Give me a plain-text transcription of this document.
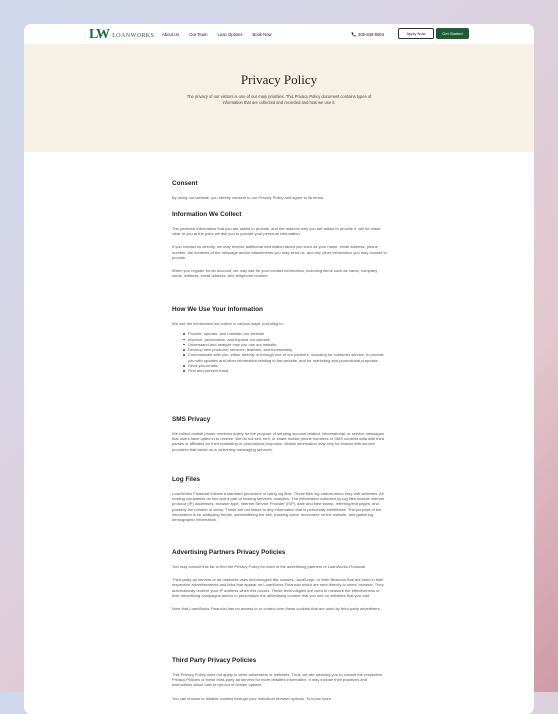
LW LOANWORKS About Us Our Team Loan Options Book Now	305-848-6804	Apply Now	Get Started
Privacy Policy

The privacy of our visitors is one of our main priorities. This Privacy Policy document contains types of information that are collected and recorded and how we use it.

Consent

By using our website, you hereby consent to our Privacy Policy and agree to its terms.

Information We Collect

The personal information that you are asked to provide, and the reasons why you are asked to provide it, will be made clear to you at the point we ask you to provide your personal information.

If you contact us directly, we may receive additional information about you such as your name, email address, phone number, the contents of the message and/or attachments you may send us, and any other information you may choose to provide.

When you register for an Account, we may ask for your contact information, including items such as name, company name, address, email address, and telephone number.

How We Use Your Information

We use the information we collect in various ways, including to:

Provide, operate, and maintain our website
Improve, personalize, and expand our website
Understand and analyze how you use our website
Develop new products, services, features, and functionality
Communicate with you, either directly or through one of our partners, including for customer service, to provide you with updates and other information relating to the website, and for marketing and promotional purposes
Send you emails
Find and prevent fraud
SMS Privacy

We collect mobile phone numbers solely for the purpose of sending account-related, informational, or service messages that users have opted in to receive. We do not sell, rent, or share mobile phone numbers or SMS consent data with third parties or affiliates for their marketing or promotional purposes. Mobile information may only be shared with service providers that assist us in delivering messaging services.

Log Files

LoanWorks Financial follows a standard procedure of using log files. These files log visitors when they visit websites. All hosting companies do this and a part of hosting services' analytics. The information collected by log files include internet protocol (IP) addresses, browser type, Internet Service Provider (ISP), date and time stamp, referring/exit pages, and possibly the number of clicks. These are not linked to any information that is personally identifiable. The purpose of the information is for analyzing trends, administering the site, tracking users' movement on the website, and gathering demographic information.

Advertising Partners Privacy Policies

You may consult this list to find the Privacy Policy for each of the advertising partners of LoanWorks Financial.

Third-party ad servers or ad networks uses technologies like cookies, JavaScript, or Web Beacons that are used in their respective advertisements and links that appear on LoanWorks Financial which are sent directly to users' browser. They automatically receive your IP address when this occurs. These technologies are used to measure the effectiveness of their advertising campaigns and/or to personalize the advertising content that you see on websites that you visit.

Note that LoanWorks Financial has no access to or control over these cookies that are used by third-party advertisers.

Third Party Privacy Policies

This Privacy Policy does not apply to other advertisers or websites. Thus, we are advising you to consult the respective Privacy Policies of these third-party ad servers for more detailed information. It may include their practices and instructions about how to opt-out of certain options.

You can choose to disable cookies through your individual browser options. To know more
